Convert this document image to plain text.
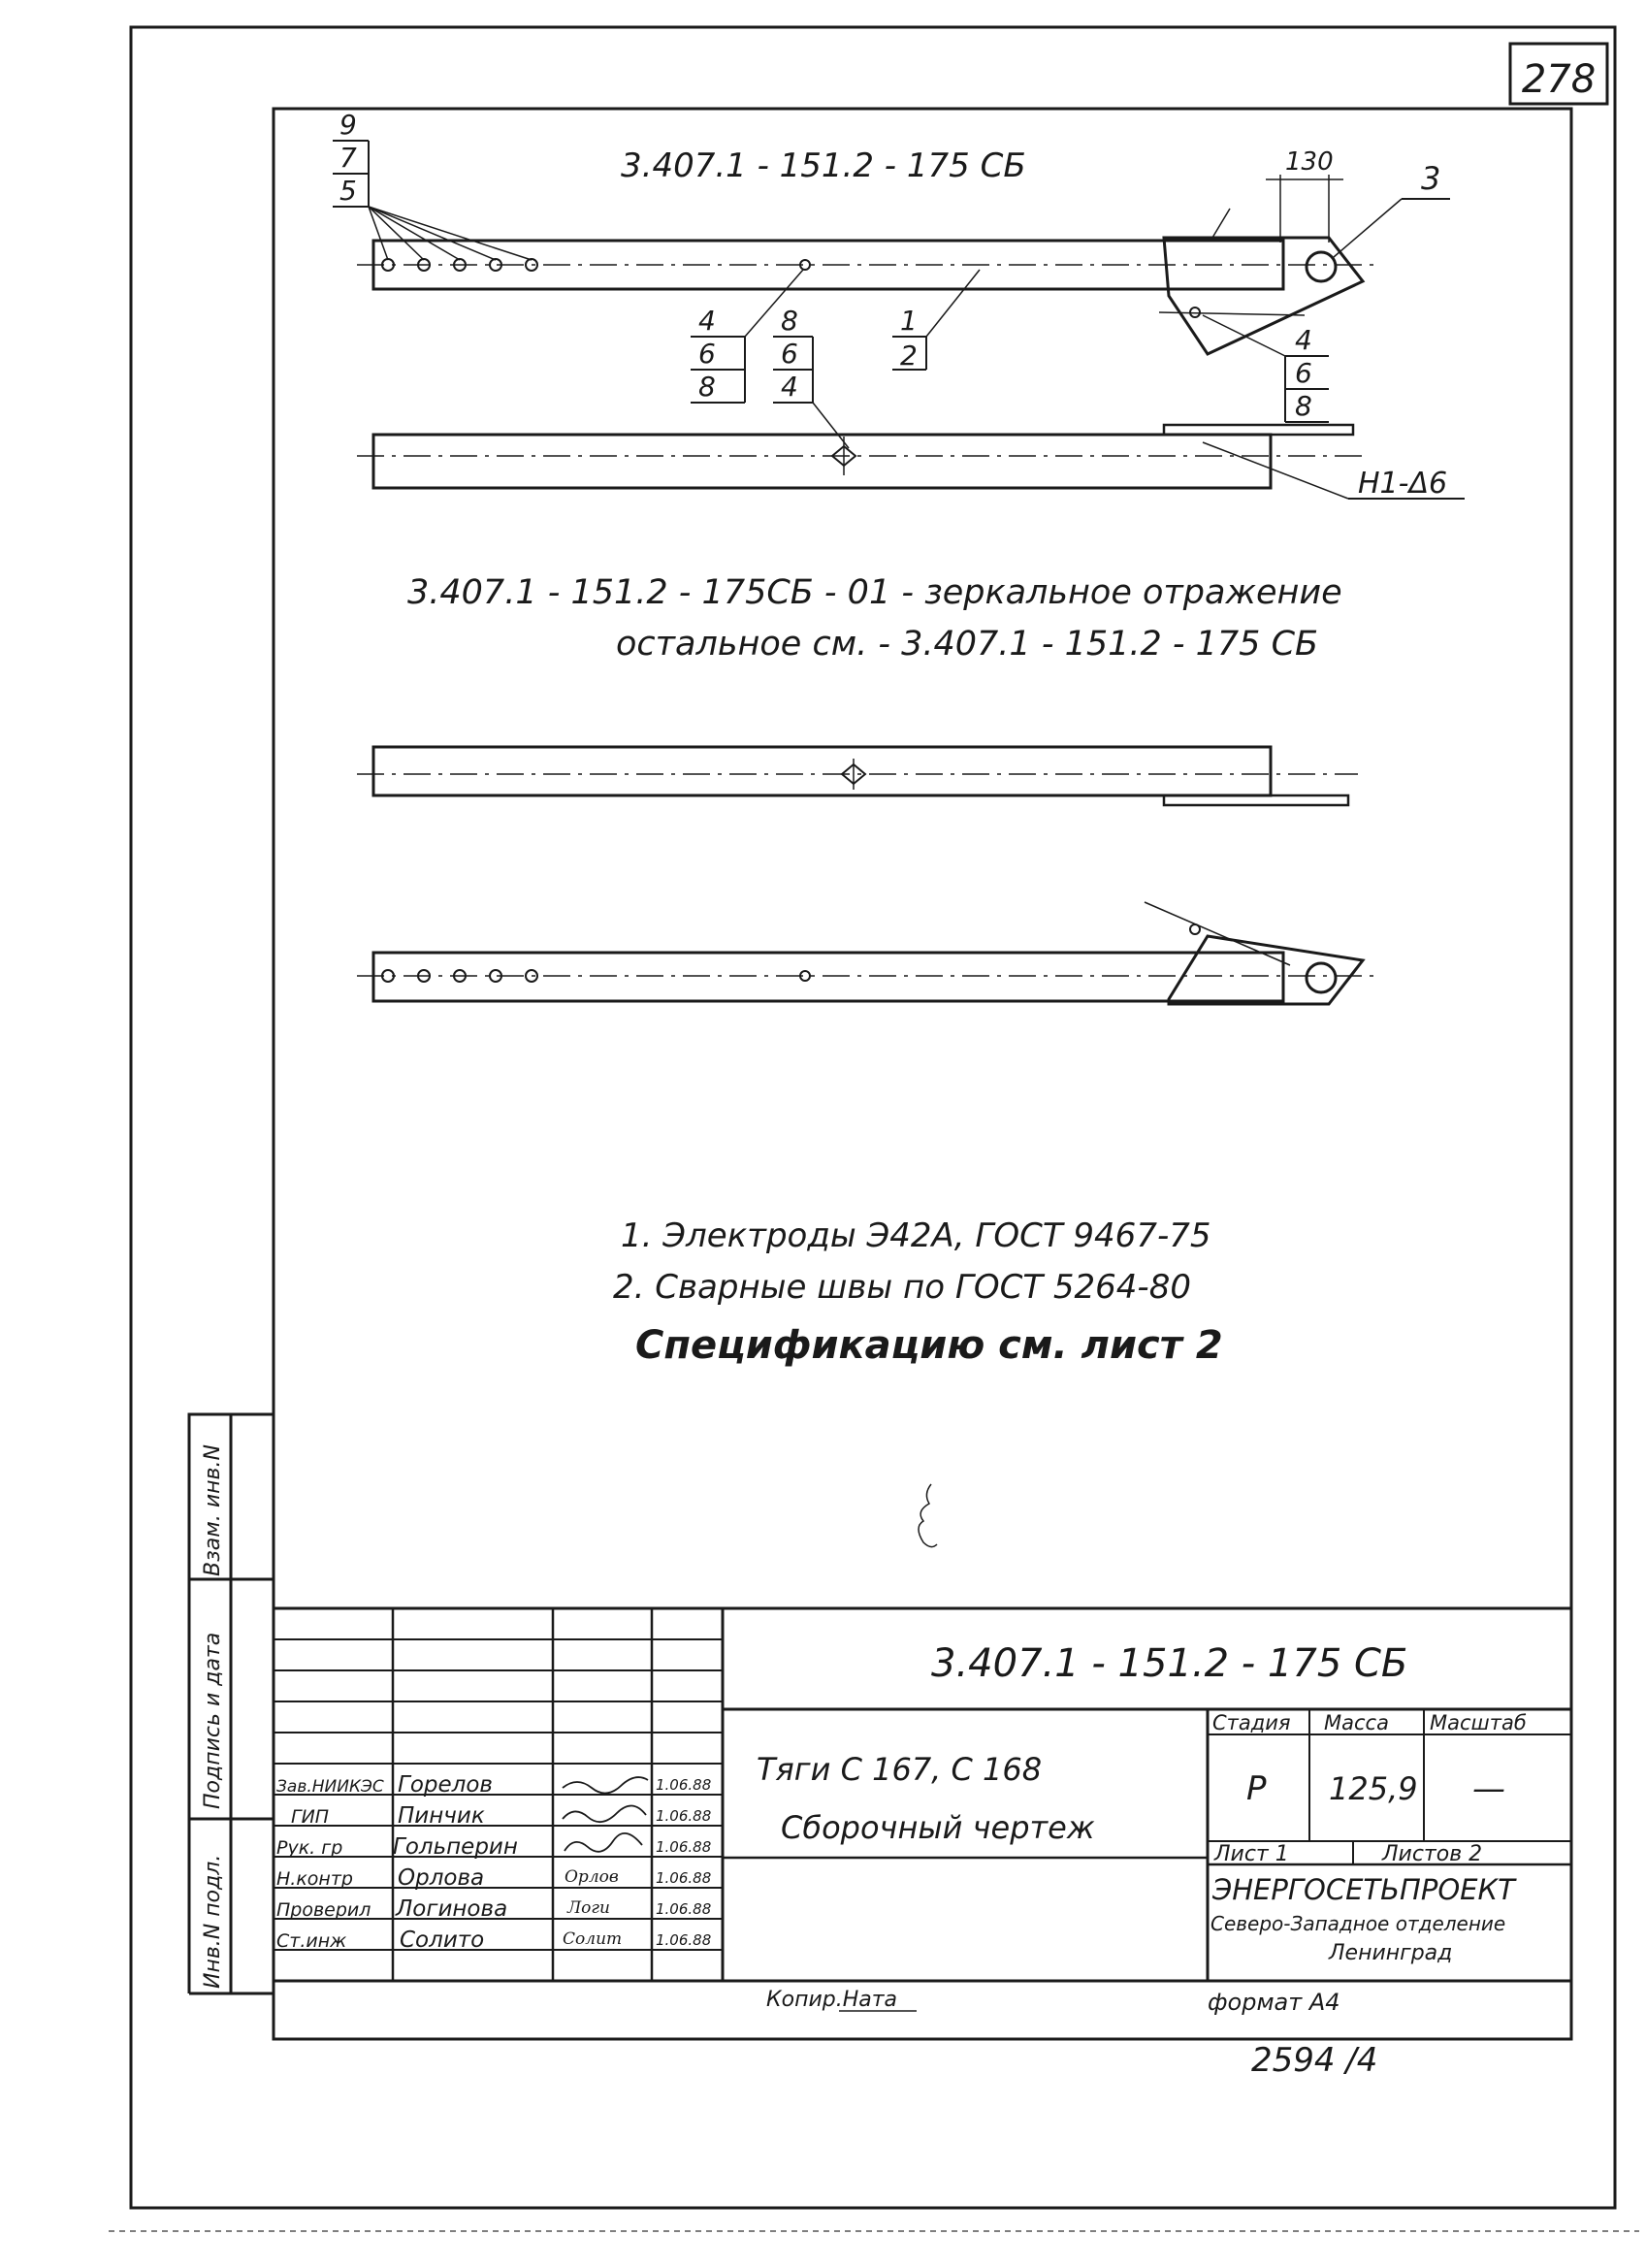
278
3.407.1 - 151.2 - 175 СБ	130	3
9
7
5
4
6
8
8
6
4
1
2	4
6
8
Н1-Δ6
3.407.1 - 151.2 - 175СБ - 01 - зеркальное отражение
остальное см. - 3.407.1 - 151.2 - 175 СБ
1. Электроды Э42А, ГОСТ 9467-75
2. Сварные швы по ГОСТ 5264-80
Спецификацию см. лист 2
Взам. инв.N
Подпись и дата
Инв.N подл.
3.407.1 - 151.2 - 175 СБ
Тяги С 167, С 168
Сборочный чертеж
Стадия Масса Масштаб
Р 125,9 —
Лист 1	Листов 2
ЭНЕРГОСЕТЬПРОЕКТ
Северо-Западное отделение
Ленинград
Зав.НИИКЭС Горелов	1.06.88
ГИП	Пинчик	1.06.88
Рук. гр Гольперин	1.06.88
Н.контр Орлова	Орлов	1.06.88
Проверил Логинова	Логи	1.06.88
Ст.инж Солито	Солит 1.06.88
Копир.Ната	формат А4
2594 /4
